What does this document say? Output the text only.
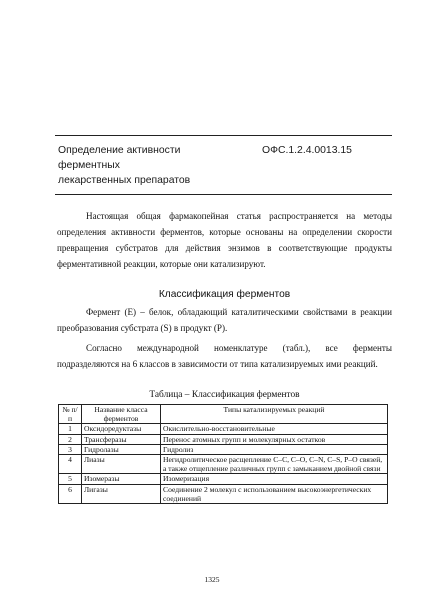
Определение активности
ферментных
лекарственных препаратов
ОФС.1.2.4.0013.15

Настоящая общая фармакопейная статья распространяется на методы определения активности ферментов, которые основаны на определении скорости превращения субстратов для действия энзимов в соответствующие продукты ферментативной реакции, которые они катализируют.

Классификация ферментов

Фермент (E) – белок, обладающий каталитическими свойствами в реакции преобразования субстрата (S) в продукт (P).

Согласно международной номенклатуре (табл.), все ферменты подразделяются на 6 классов в зависимости от типа катализируемых ими реакций.

Таблица – Классификация ферментов
№ п/п	Название класса ферментов	Типы катализируемых реакций
1	Оксидоредуктазы	Окислительно-восстановительные
2	Трансферазы	Перенос атомных групп и молекулярных остатков
3	Гидролазы	Гидролиз
4	Лиазы	Негидролитическое расщепление C–C, C–O, C–N, C–S, P–O связей, а также отщепление различных групп с замыканием двойной связи
5	Изомеразы	Изомеризация
6	Лигазы	Соединение 2 молекул с использованием высокоэнергетических соединений
1325
